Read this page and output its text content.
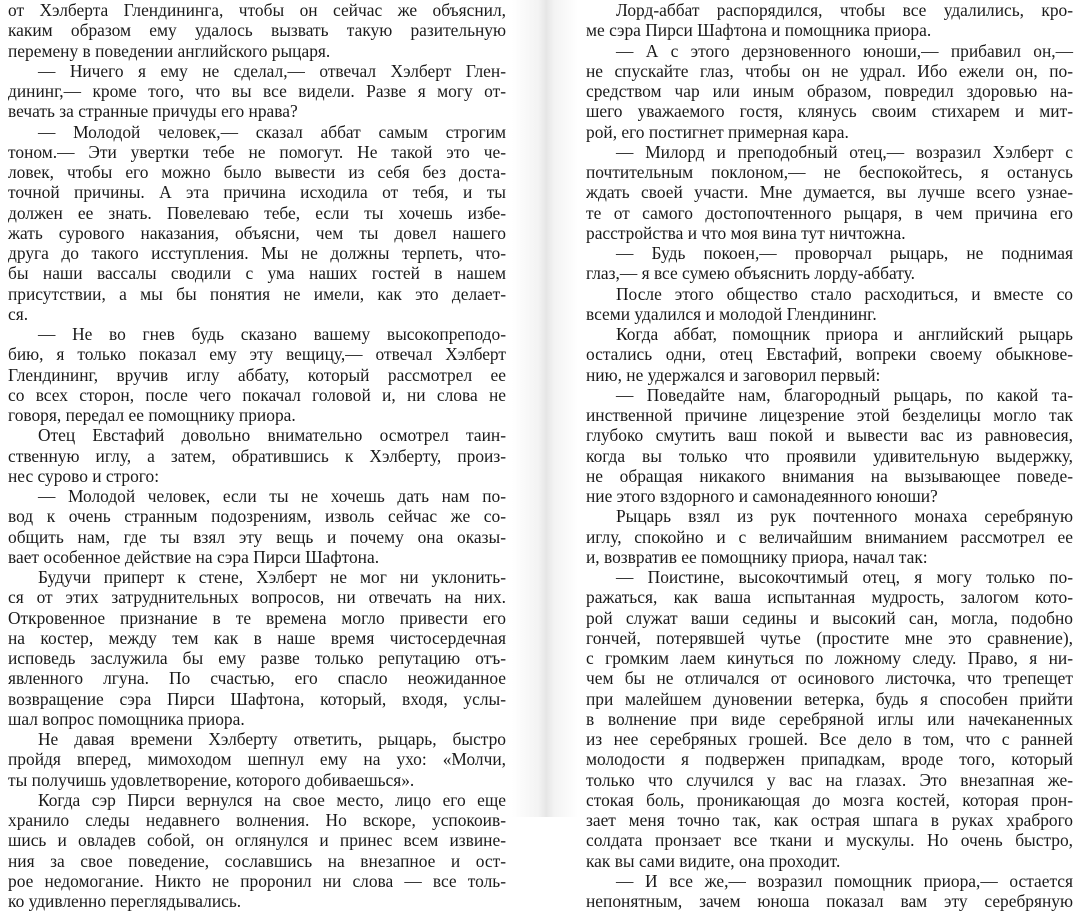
от Хэлберта Глендининга, чтобы он сейчас же объяснил,
каким образом ему удалось вызвать такую разительную
перемену в поведении английского рыцаря.
— Ничего я ему не сделал,— отвечал Хэлберт Глен-
дининг,— кроме того, что вы все видели. Разве я могу от-
вечать за странные причуды его нрава?
— Молодой человек,— сказал аббат самым строгим
тоном.— Эти увертки тебе не помогут. Не такой это че-
ловек, чтобы его можно было вывести из себя без доста-
точной причины. А эта причина исходила от тебя, и ты
должен ее знать. Повелеваю тебе, если ты хочешь избе-
жать сурового наказания, объясни, чем ты довел нашего
друга до такого исступления. Мы не должны терпеть, что-
бы наши вассалы сводили с ума наших гостей в нашем
присутствии, а мы бы понятия не имели, как это делает-
ся.
— Не во гнев будь сказано вашему высокопреподо-
бию, я только показал ему эту вещицу,— отвечал Хэлберт
Глендининг, вручив иглу аббату, который рассмотрел ее
со всех сторон, после чего покачал головой и, ни слова не
говоря, передал ее помощнику приора.
Отец Евстафий довольно внимательно осмотрел таин-
ственную иглу, а затем, обратившись к Хэлберту, произ-
нес сурово и строго:
— Молодой человек, если ты не хочешь дать нам по-
вод к очень странным подозрениям, изволь сейчас же со-
общить нам, где ты взял эту вещь и почему она оказы-
вает особенное действие на сэра Пирси Шафтона.
Будучи приперт к стене, Хэлберт не мог ни уклонить-
ся от этих затруднительных вопросов, ни отвечать на них.
Откровенное признание в те времена могло привести его
на костер, между тем как в наше время чистосердечная
исповедь заслужила бы ему разве только репутацию отъ-
явленного лгуна. По счастью, его спасло неожиданное
возвращение сэра Пирси Шафтона, который, входя, услы-
шал вопрос помощника приора.
Не давая времени Хэлберту ответить, рыцарь, быстро
пройдя вперед, мимоходом шепнул ему на ухо: «Молчи,
ты получишь удовлетворение, которого добиваешься».
Когда сэр Пирси вернулся на свое место, лицо его еще
хранило следы недавнего волнения. Но вскоре, успокоив-
шись и овладев собой, он оглянулся и принес всем извине-
ния за свое поведение, сославшись на внезапное и ост-
рое недомогание. Никто не проронил ни слова — все толь-
ко удивленно переглядывались.
Лорд-аббат распорядился, чтобы все удалились, кро-
ме сэра Пирси Шафтона и помощника приора.
— А с этого дерзновенного юноши,— прибавил он,—
не спускайте глаз, чтобы он не удрал. Ибо ежели он, по-
средством чар или иным образом, повредил здоровью на-
шего уважаемого гостя, клянусь своим стихарем и мит-
рой, его постигнет примерная кара.
— Милорд и преподобный отец,— возразил Хэлберт с
почтительным поклоном,— не беспокойтесь, я останусь
ждать своей участи. Мне думается, вы лучше всего узнае-
те от самого достопочтенного рыцаря, в чем причина его
расстройства и что моя вина тут ничтожна.
— Будь покоен,— проворчал рыцарь, не поднимая
глаз,— я все сумею объяснить лорду-аббату.
После этого общество стало расходиться, и вместе со
всеми удалился и молодой Глендининг.
Когда аббат, помощник приора и английский рыцарь
остались одни, отец Евстафий, вопреки своему обыкнове-
нию, не удержался и заговорил первый:
— Поведайте нам, благородный рыцарь, по какой та-
инственной причине лицезрение этой безделицы могло так
глубоко смутить ваш покой и вывести вас из равновесия,
когда вы только что проявили удивительную выдержку,
не обращая никакого внимания на вызывающее поведе-
ние этого вздорного и самонадеянного юноши?
Рыцарь взял из рук почтенного монаха серебряную
иглу, спокойно и с величайшим вниманием рассмотрел ее
и, возвратив ее помощнику приора, начал так:
— Поистине, высокочтимый отец, я могу только по-
ражаться, как ваша испытанная мудрость, залогом кото-
рой служат ваши седины и высокий сан, могла, подобно
гончей, потерявшей чутье (простите мне это сравнение),
с громким лаем кинуться по ложному следу. Право, я ни-
чем бы не отличался от осинового листочка, что трепещет
при малейшем дуновении ветерка, будь я способен прийти
в волнение при виде серебряной иглы или начеканенных
из нее серебряных грошей. Все дело в том, что с ранней
молодости я подвержен припадкам, вроде того, который
только что случился у вас на глазах. Это внезапная же-
стокая боль, проникающая до мозга костей, которая прон-
зает меня точно так, как острая шпага в руках храброго
солдата пронзает все ткани и мускулы. Но очень быстро,
как вы сами видите, она проходит.
— И все же,— возразил помощник приора,— остается
непонятным, зачем юноша показал вам эту серебряную
